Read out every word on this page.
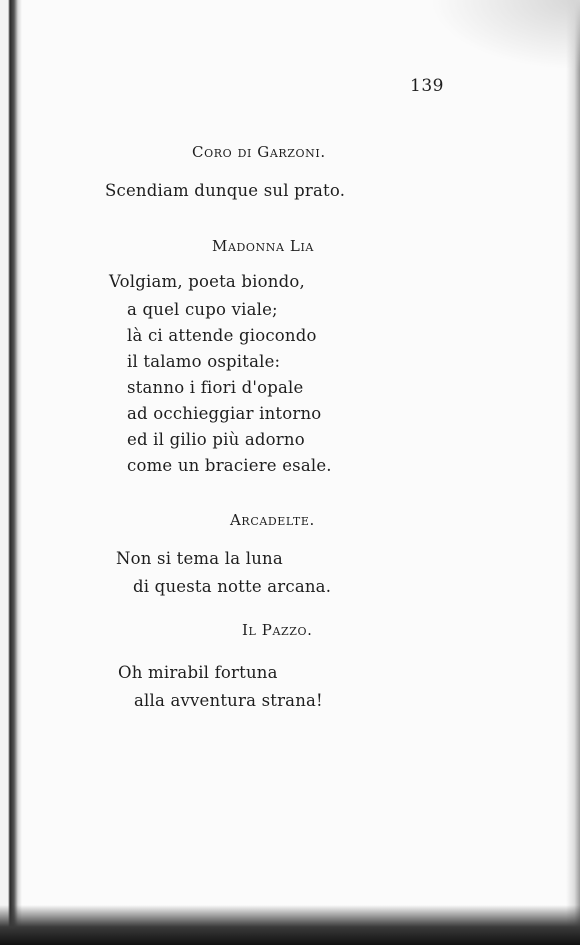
139
Coro di Garzoni.
Scendiam dunque sul prato.
Madonna Lia
Volgiam, poeta biondo,
a quel cupo viale;
là ci attende giocondo
il talamo ospitale:
stanno i fiori d'opale
ad occhieggiar intorno
ed il gilio più adorno
come un braciere esale.
Arcadelte.
Non si tema la luna
di questa notte arcana.
Il Pazzo.
Oh mirabil fortuna
alla avventura strana!
